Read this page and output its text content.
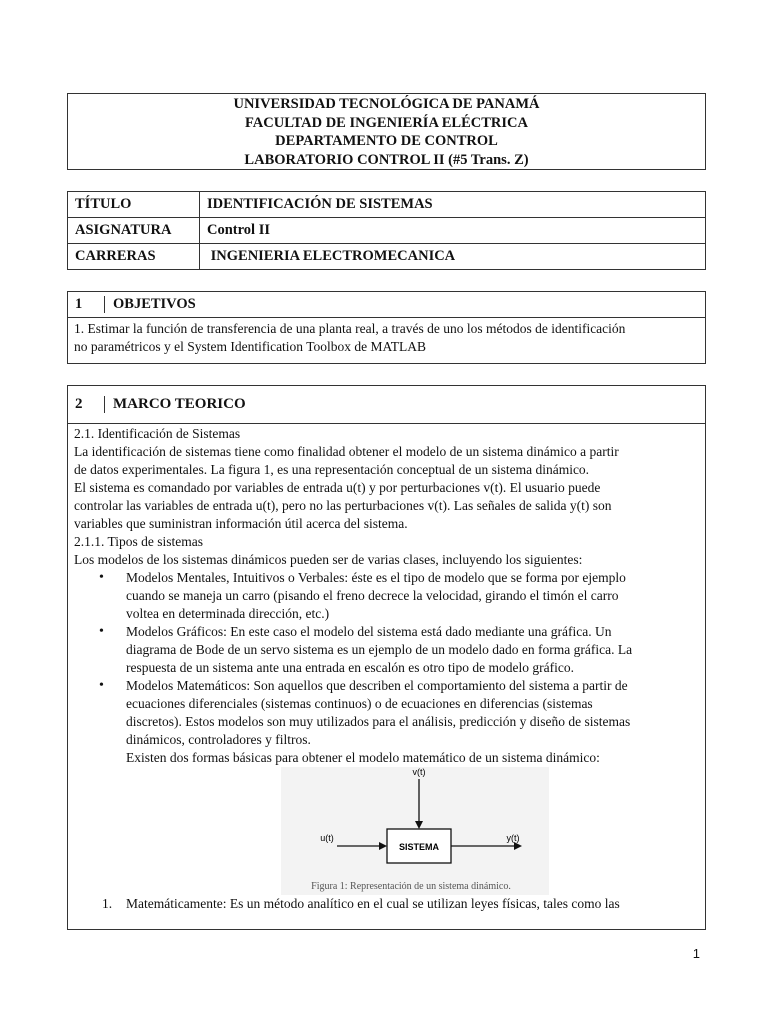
UNIVERSIDAD TECNOLÓGICA DE PANAMÁ
FACULTAD DE INGENIERÍA ELÉCTRICA
DEPARTAMENTO DE CONTROL
LABORATORIO CONTROL II (#5 Trans. Z)
TÍTULO	IDENTIFICACIÓN DE SISTEMAS
ASIGNATURA	Control II
CARRERAS	INGENIERIA ELECTROMECANICA
1	OBJETIVOS
1. Estimar la función de transferencia de una planta real, a través de uno los métodos de identificación
no paramétricos y el System Identification Toolbox de MATLAB
2	MARCO TEORICO

2.1. Identificación de Sistemas

La identificación de sistemas tiene como finalidad obtener el modelo de un sistema dinámico a partir

de datos experimentales. La figura 1, es una representación conceptual de un sistema dinámico.

El sistema es comandado por variables de entrada u(t) y por perturbaciones v(t). El usuario puede

controlar las variables de entrada u(t), pero no las perturbaciones v(t). Las señales de salida y(t) son

variables que suministran información útil acerca del sistema.

2.1.1. Tipos de sistemas

Los modelos de los sistemas dinámicos pueden ser de varias clases, incluyendo los siguientes:

• Modelos Mentales, Intuitivos o Verbales: éste es el tipo de modelo que se forma por ejemplo

cuando se maneja un carro (pisando el freno decrece la velocidad, girando el timón el carro

voltea en determinada dirección, etc.)

• Modelos Gráficos: En este caso el modelo del sistema está dado mediante una gráfica. Un

diagrama de Bode de un servo sistema es un ejemplo de un modelo dado en forma gráfica. La

respuesta de un sistema ante una entrada en escalón es otro tipo de modelo gráfico.

• Modelos Matemáticos: Son aquellos que describen el comportamiento del sistema a partir de

ecuaciones diferenciales (sistemas continuos) o de ecuaciones en diferencias (sistemas

discretos). Estos modelos son muy utilizados para el análisis, predicción y diseño de sistemas

dinámicos, controladores y filtros.

Existen dos formas básicas para obtener el modelo matemático de un sistema dinámico:

v(t)
u(t)	y(t)
SISTEMA
Figura 1: Representación de un sistema dinámico.
1. Matemáticamente: Es un método analítico en el cual se utilizan leyes físicas, tales como las

1
